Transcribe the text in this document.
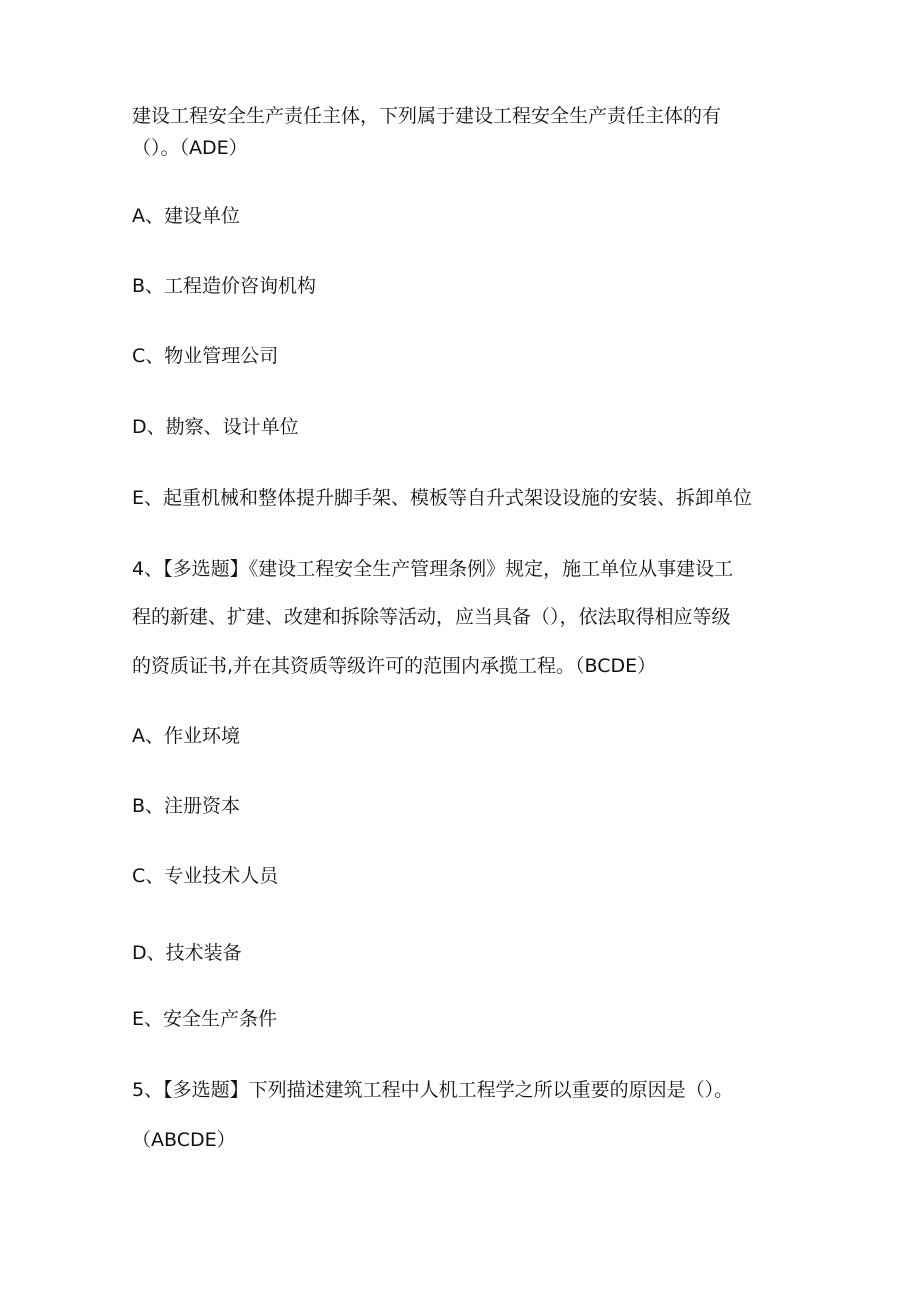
建设工程安全生产责任主体，下列属于建设工程安全生产责任主体的有
（）。（ADE）
A、建设单位
B、工程造价咨询机构
C、物业管理公司
D、勘察、设计单位
E、起重机械和整体提升脚手架、模板等自升式架设设施的安装、拆卸单位
4、【多选题】《建设工程安全生产管理条例》规定，施工单位从事建设工
程的新建、扩建、改建和拆除等活动，应当具备（），依法取得相应等级
的资质证书,并在其资质等级许可的范围内承揽工程。（BCDE）
A、作业环境
B、注册资本
C、专业技术人员
D、技术装备
E、安全生产条件
5、【多选题】下列描述建筑工程中人机工程学之所以重要的原因是（）。
（ABCDE）
